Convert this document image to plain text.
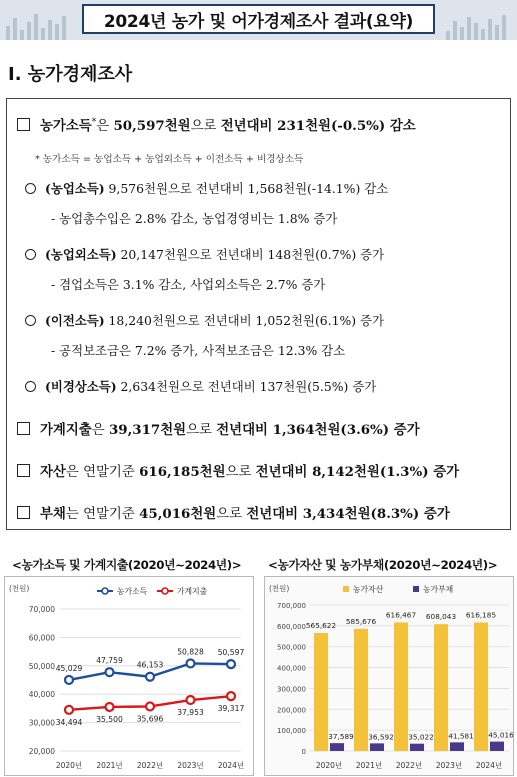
2024년 농가 및 어가경제조사 결과(요약)
Ⅰ. 농가경제조사
농가소득*은 50,597천원으로 전년대비 231천원(-0.5%) 감소
* 농가소득 = 농업소득 + 농업외소득 + 이전소득 + 비경상소득
(농업소득) 9,576천원으로 전년대비 1,568천원(-14.1%) 감소
- 농업총수입은 2.8% 감소, 농업경영비는 1.8% 증가
(농업외소득) 20,147천원으로 전년대비 148천원(0.7%) 증가
- 겸업소득은 3.1% 감소, 사업외소득은 2.7% 증가
(이전소득) 18,240천원으로 전년대비 1,052천원(6.1%) 증가
- 공적보조금은 7.2% 증가, 사적보조금은 12.3% 감소
(비경상소득) 2,634천원으로 전년대비 137천원(5.5%) 증가
가계지출은 39,317천원으로 전년대비 1,364천원(3.6%) 증가
자산은 연말기준 616,185천원으로 전년대비 8,142천원(1.3%) 증가
부채는 연말기준 45,016천원으로 전년대비 3,434천원(8.3%) 증가
<농가소득 및 가계지출(2020년~2024년)> <농가자산 및 농가부채(2020년~2024년)>
(천원)
20,000
30,000
40,000
50,000
60,000
70,000
2020년 2021년 2022년 2023년 2024년
농가소득
45,029
47,759
46,153
50,828 50,597
가계지출
34,494 35,500 35,696
37,953 39,317
(천원)
0
100,000
200,000
300,000
400,000
500,000
600,000
700,000
농가자산	농가부채
565,622
37,589
2020년
585,676
36,592
2021년
616,467
35,022
2022년
608,043
41,581
2023년
616,185
45,016
2024년
